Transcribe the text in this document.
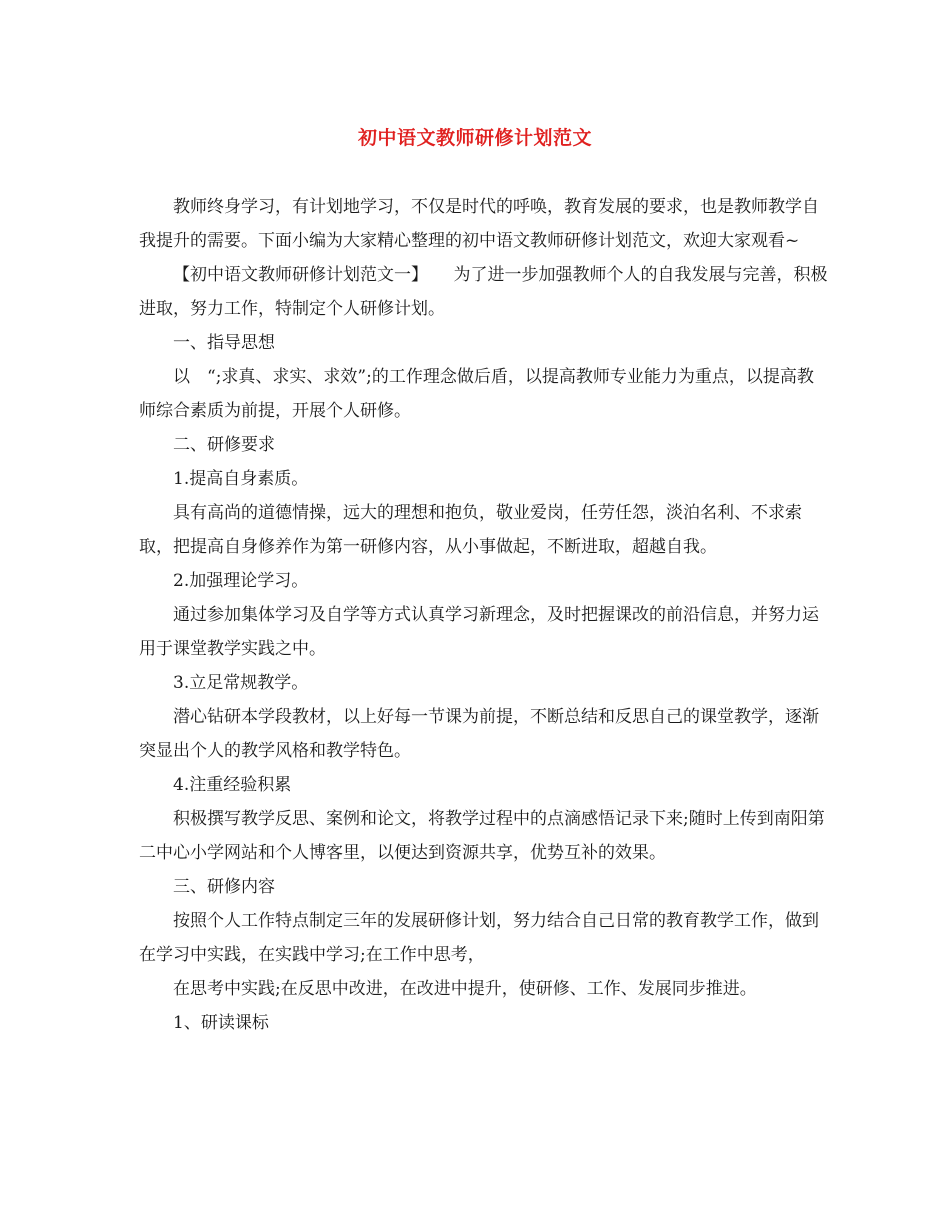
初中语文教师研修计划范文

教师终身学习，有计划地学习，不仅是时代的呼唤，教育发展的要求，也是教师教学自我提升的需要。下面小编为大家精心整理的初中语文教师研修计划范文，欢迎大家观看~

【初中语文教师研修计划范文一】　　为了进一步加强教师个人的自我发展与完善，积极进取，努力工作，特制定个人研修计划。

一、指导思想

以　“;求真、求实、求效”;的工作理念做后盾，以提高教师专业能力为重点，以提高教师综合素质为前提，开展个人研修。

二、研修要求

1.提高自身素质。

具有高尚的道德情操，远大的理想和抱负，敬业爱岗，任劳任怨，淡泊名利、不求索取，把提高自身修养作为第一研修内容，从小事做起，不断进取，超越自我。

2.加强理论学习。

通过参加集体学习及自学等方式认真学习新理念，及时把握课改的前沿信息，并努力运用于课堂教学实践之中。

3.立足常规教学。

潜心钻研本学段教材，以上好每一节课为前提，不断总结和反思自己的课堂教学，逐渐突显出个人的教学风格和教学特色。

4.注重经验积累

积极撰写教学反思、案例和论文，将教学过程中的点滴感悟记录下来;随时上传到南阳第二中心小学网站和个人博客里，以便达到资源共享，优势互补的效果。

三、研修内容

按照个人工作特点制定三年的发展研修计划，努力结合自己日常的教育教学工作，做到在学习中实践，在实践中学习;在工作中思考，

在思考中实践;在反思中改进，在改进中提升，使研修、工作、发展同步推进。

1、研读课标
